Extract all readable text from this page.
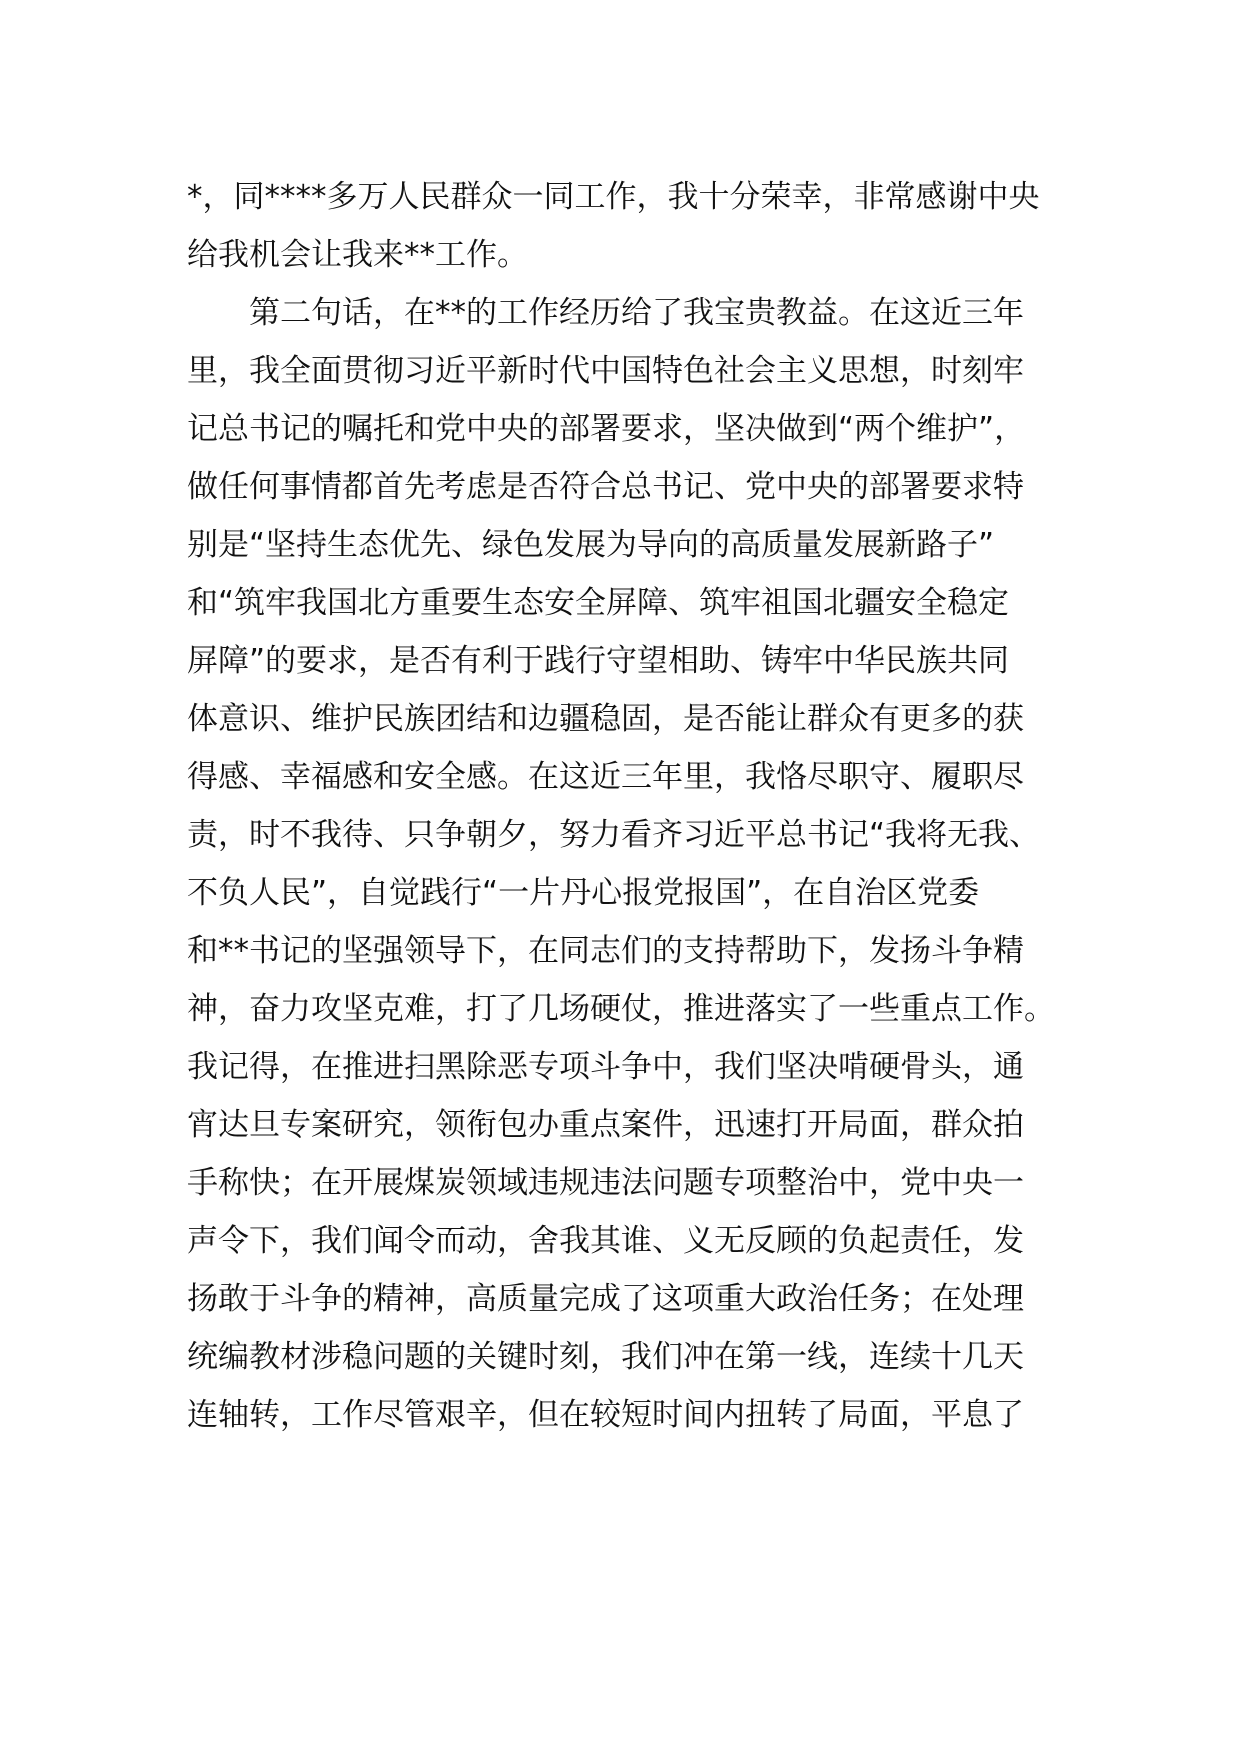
*，同****多万人民群众一同工作，我十分荣幸，非常感谢中央
给我机会让我来**工作。
第二句话，在**的工作经历给了我宝贵教益。在这近三年
里，我全面贯彻习近平新时代中国特色社会主义思想，时刻牢
记总书记的嘱托和党中央的部署要求，坚决做到“两个维护”，
做任何事情都首先考虑是否符合总书记、党中央的部署要求特
别是“坚持生态优先、绿色发展为导向的高质量发展新路子”
和“筑牢我国北方重要生态安全屏障、筑牢祖国北疆安全稳定
屏障”的要求，是否有利于践行守望相助、铸牢中华民族共同
体意识、维护民族团结和边疆稳固，是否能让群众有更多的获
得感、幸福感和安全感。在这近三年里，我恪尽职守、履职尽
责，时不我待、只争朝夕，努力看齐习近平总书记“我将无我、
不负人民”，自觉践行“一片丹心报党报国”，在自治区党委
和**书记的坚强领导下，在同志们的支持帮助下，发扬斗争精
神，奋力攻坚克难，打了几场硬仗，推进落实了一些重点工作。
我记得，在推进扫黑除恶专项斗争中，我们坚决啃硬骨头，通
宵达旦专案研究，领衔包办重点案件，迅速打开局面，群众拍
手称快；在开展煤炭领域违规违法问题专项整治中，党中央一
声令下，我们闻令而动，舍我其谁、义无反顾的负起责任，发
扬敢于斗争的精神，高质量完成了这项重大政治任务；在处理
统编教材涉稳问题的关键时刻，我们冲在第一线，连续十几天
连轴转，工作尽管艰辛，但在较短时间内扭转了局面，平息了
